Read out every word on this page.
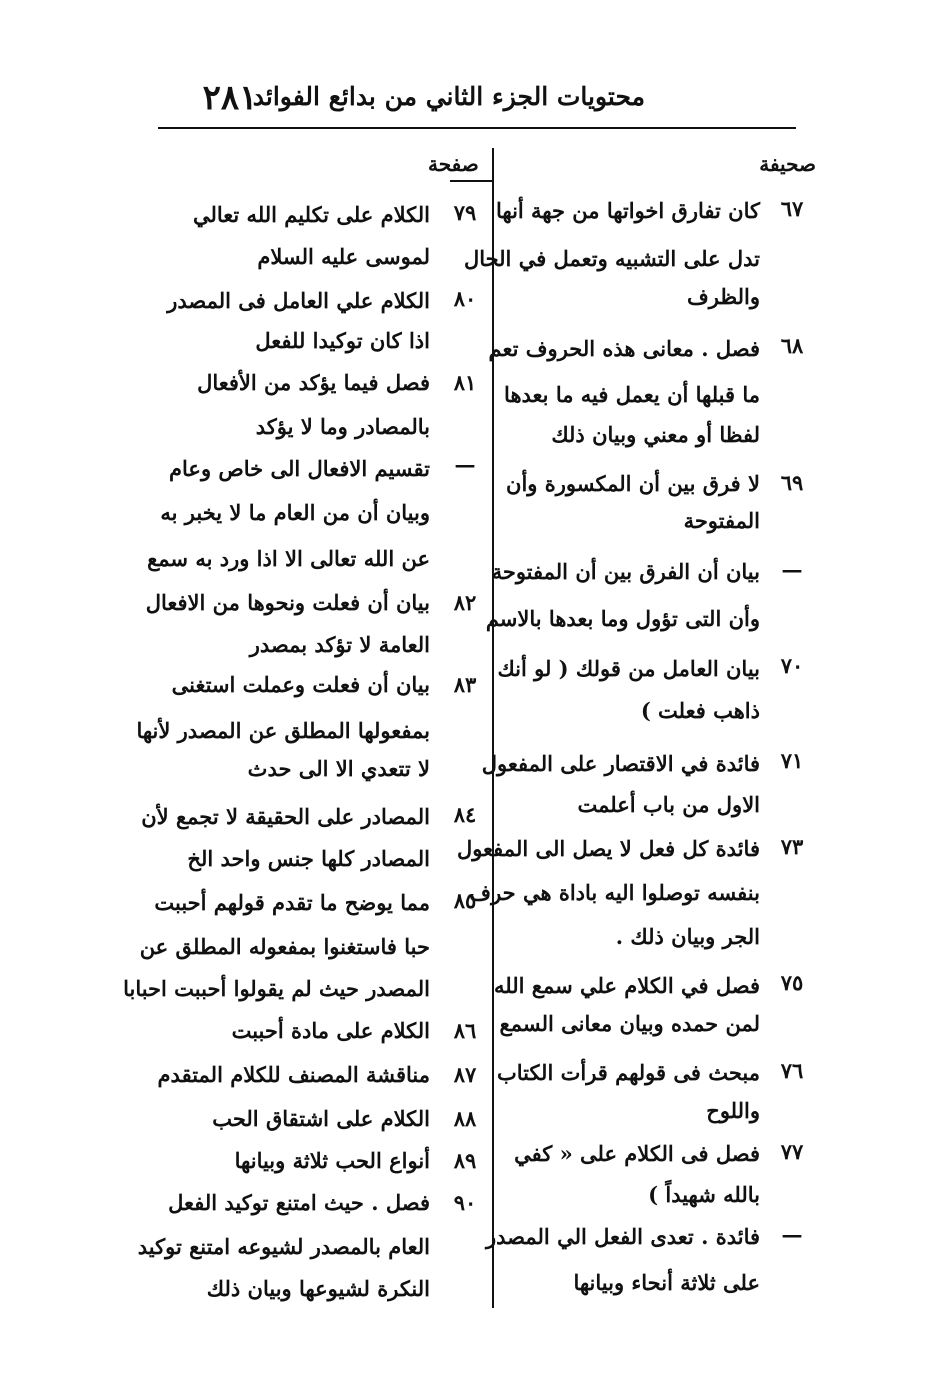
محتويات الجزء الثاني من بدائع الفوائد
٢٨١
صحيفة
صفحة
٦٧
كان تفارق اخواتها من جهة أنها
تدل على التشبيه وتعمل في الحال
والظرف
٦٨
فصل . معانى هذه الحروف تعم
ما قبلها أن يعمل فيه ما بعدها
لفظا أو معني وبيان ذلك
٦٩
لا فرق بين أن المكسورة وأن
المفتوحة
—
بيان أن الفرق بين أن المفتوحة
وأن التى تؤول وما بعدها بالاسم
٧٠
بيان العامل من قولك ( لو أنك
ذاهب فعلت )
٧١
فائدة في الاقتصار على المفعول
الاول من باب أعلمت
٧٣
فائدة كل فعل لا يصل الى المفعول
بنفسه توصلوا اليه باداة هي حرف
الجر وبيان ذلك .
٧٥
فصل في الكلام علي سمع الله
لمن حمده وبيان معانى السمع
٧٦
مبحث فى قولهم قرأت الكتاب
واللوح
٧٧
فصل فى الكلام على « كفي
بالله شهيداً )
—
فائدة . تعدى الفعل الي المصدر
على ثلاثة أنحاء وبيانها
٧٩
الكلام على تكليم الله تعالي
لموسى عليه السلام
٨٠
الكلام علي العامل فى المصدر
اذا كان توكيدا للفعل
٨١
فصل فيما يؤكد من الأفعال
بالمصادر وما لا يؤكد
—
تقسيم الافعال الى خاص وعام
وبيان أن من العام ما لا يخبر به
عن الله تعالى الا اذا ورد به سمع
٨٢
بيان أن فعلت ونحوها من الافعال
العامة لا تؤكد بمصدر
٨٣
بيان أن فعلت وعملت استغنى
بمفعولها المطلق عن المصدر لأنها
لا تتعدي الا الى حدث
٨٤
المصادر على الحقيقة لا تجمع لأن
المصادر كلها جنس واحد الخ
٨٥
مما يوضح ما تقدم قولهم أحببت
حبا فاستغنوا بمفعوله المطلق عن
المصدر حيث لم يقولوا أحببت احبابا
٨٦
الكلام على مادة أحببت
٨٧
مناقشة المصنف للكلام المتقدم
٨٨
الكلام على اشتقاق الحب
٨٩
أنواع الحب ثلاثة وبيانها
٩٠
فصل . حيث امتنع توكيد الفعل
العام بالمصدر لشيوعه امتنع توكيد
النكرة لشيوعها وبيان ذلك
